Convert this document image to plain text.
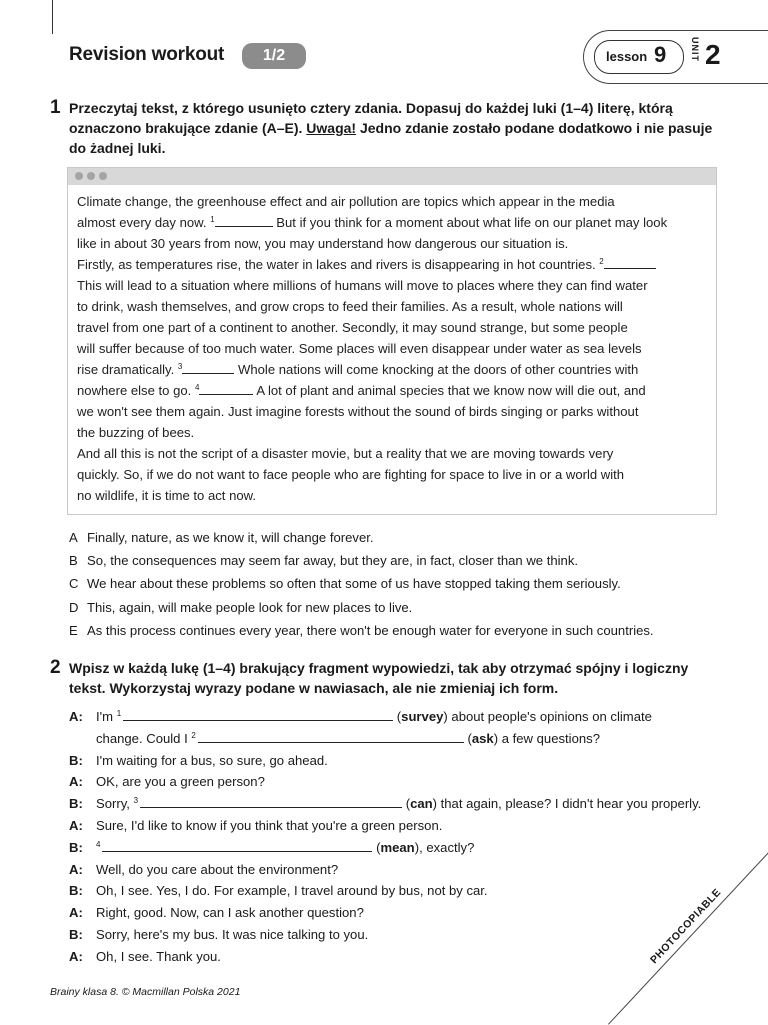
Revision workout	1/2	lesson 9	UNIT 2
1 Przeczytaj tekst, z którego usunięto cztery zdania. Dopasuj do każdej luki (1–4) literę, którą oznaczono brakujące zdanie (A–E). Uwaga! Jedno zdanie zostało podane dodatkowo i nie pasuje do żadnej luki.
Climate change, the greenhouse effect and air pollution are topics which appear in the media
almost every day now. $^1$	But if you think for a moment about what life on our planet may look
like in about 30 years from now, you may understand how dangerous our situation is.
Firstly, as temperatures rise, the water in lakes and rivers is disappearing in hot countries. $^2$
This will lead to a situation where millions of humans will move to places where they can find water
to drink, wash themselves, and grow crops to feed their families. As a result, whole nations will
travel from one part of a continent to another. Secondly, it may sound strange, but some people
will suffer because of too much water. Some places will even disappear under water as sea levels
rise dramatically. $^3$	Whole nations will come knocking at the doors of other countries with
nowhere else to go. $^4$	A lot of plant and animal species that we know now will die out, and
we won't see them again. Just imagine forests without the sound of birds singing or parks without
the buzzing of bees.
And all this is not the script of a disaster movie, but a reality that we are moving towards very
quickly. So, if we do not want to face people who are fighting for space to live in or a world with
no wildlife, it is time to act now.
A Finally, nature, as we know it, will change forever.
B So, the consequences may seem far away, but they are, in fact, closer than we think.
C We hear about these problems so often that some of us have stopped taking them seriously.
D This, again, will make people look for new places to live.
E As this process continues every year, there won't be enough water for everyone in such countries.
2 Wpisz w każdą lukę (1–4) brakujący fragment wypowiedzi, tak aby otrzymać spójny i logiczny tekst. Wykorzystaj wyrazy podane w nawiasach, ale nie zmieniaj ich form.
A:	I'm $^1$	(survey) about people's opinions on climate
change. Could I $^2$	(ask) a few questions?
B:	I'm waiting for a bus, so sure, go ahead.
A:	OK, are you a green person?
B:	Sorry, $^3$	(can) that again, please? I didn't hear you properly.
A:	Sure, I'd like to know if you think that you're a green person.
B:	$^4$	(mean), exactly?
A:	Well, do you care about the environment?
B:	Oh, I see. Yes, I do. For example, I travel around by bus, not by car.
A:	Right, good. Now, can I ask another question?
B:	Sorry, here's my bus. It was nice talking to you.
A:	Oh, I see. Thank you.
Brainy klasa 8. © Macmillan Polska 2021
PHOTOCOPIABLE
